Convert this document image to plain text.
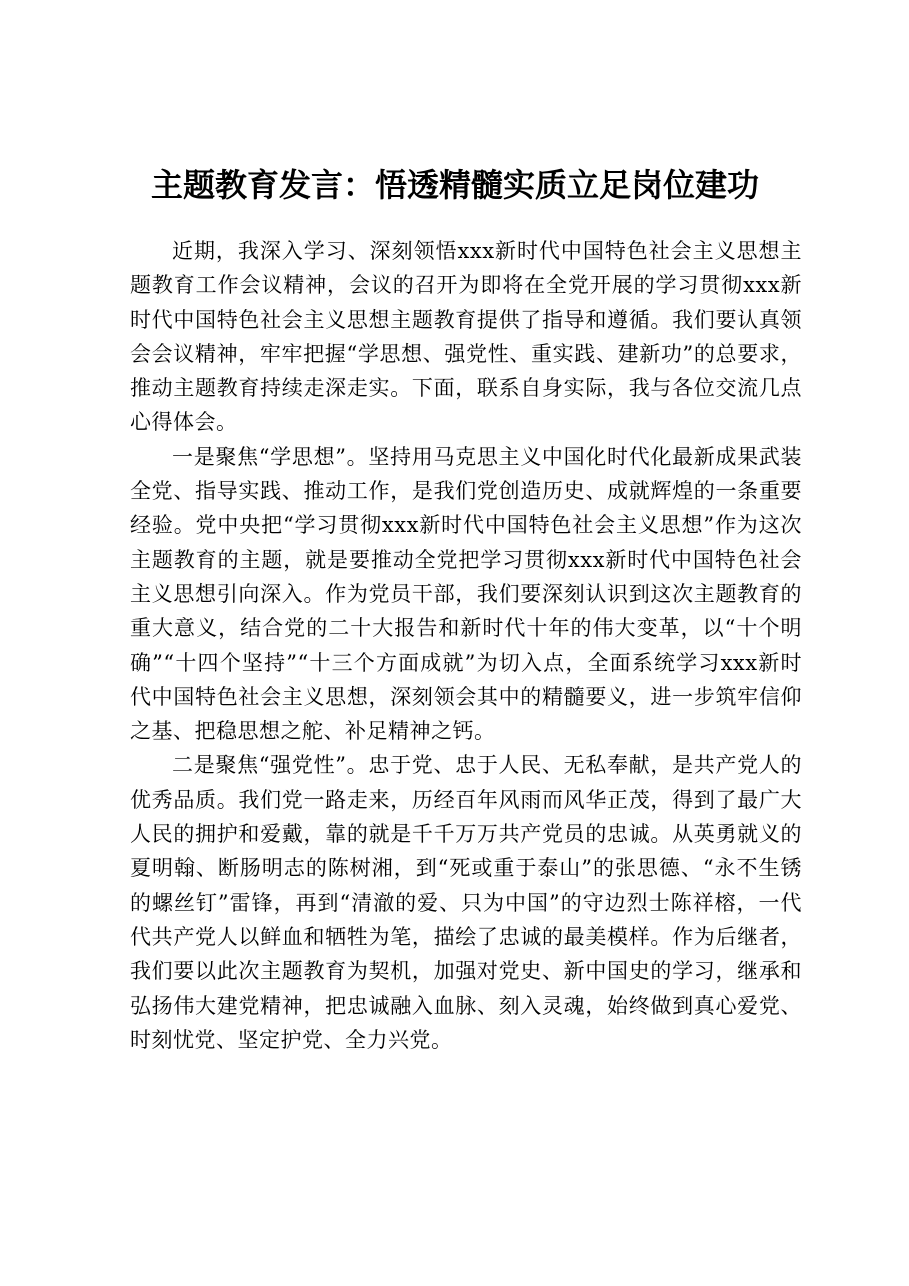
主题教育发言：悟透精髓实质立足岗位建功

近期，我深入学习、深刻领悟xxx新时代中国特色社会主义思想主题教育工作会议精神，会议的召开为即将在全党开展的学习贯彻xxx新时代中国特色社会主义思想主题教育提供了指导和遵循。我们要认真领会会议精神，牢牢把握“学思想、强党性、重实践、建新功”的总要求，推动主题教育持续走深走实。下面，联系自身实际，我与各位交流几点心得体会。

一是聚焦“学思想”。坚持用马克思主义中国化时代化最新成果武装全党、指导实践、推动工作，是我们党创造历史、成就辉煌的一条重要经验。党中央把“学习贯彻xxx新时代中国特色社会主义思想”作为这次主题教育的主题，就是要推动全党把学习贯彻xxx新时代中国特色社会主义思想引向深入。作为党员干部，我们要深刻认识到这次主题教育的重大意义，结合党的二十大报告和新时代十年的伟大变革，以“十个明确”“十四个坚持”“十三个方面成就”为切入点，全面系统学习xxx新时代中国特色社会主义思想，深刻领会其中的精髓要义，进一步筑牢信仰之基、把稳思想之舵、补足精神之钙。

二是聚焦“强党性”。忠于党、忠于人民、无私奉献，是共产党人的优秀品质。我们党一路走来，历经百年风雨而风华正茂，得到了最广大人民的拥护和爱戴，靠的就是千千万万共产党员的忠诚。从英勇就义的夏明翰、断肠明志的陈树湘，到“死或重于泰山”的张思德、“永不生锈的螺丝钉”雷锋，再到“清澈的爱、只为中国”的守边烈士陈祥榕，一代代共产党人以鲜血和牺牲为笔，描绘了忠诚的最美模样。作为后继者，我们要以此次主题教育为契机，加强对党史、新中国史的学习，继承和弘扬伟大建党精神，把忠诚融入血脉、刻入灵魂，始终做到真心爱党、时刻忧党、坚定护党、全力兴党。
